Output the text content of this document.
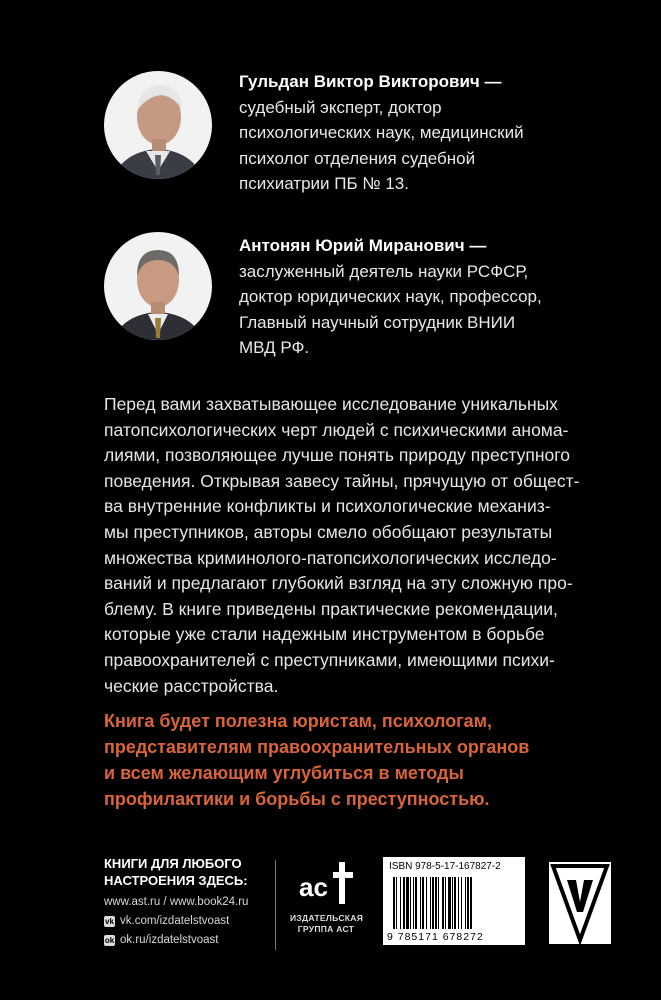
Гульдан Виктор Викторович —
судебный эксперт, доктор
психологических наук, медицинский
психолог отделения судебной
психиатрии ПБ № 13.
Антонян Юрий Миранович —
заслуженный деятель науки РСФСР,
доктор юридических наук, профессор,
Главный научный сотрудник ВНИИ
МВД РФ.
Перед вами захватывающее исследование уникальных
патопсихологических черт людей с психическими анома-
лиями, позволяющее лучше понять природу преступного
поведения. Открывая завесу тайны, прячущую от общест-
ва внутренние конфликты и психологические механиз-
мы преступников, авторы смело обобщают результаты
множества криминолого-патопсихологических исследо-
ваний и предлагают глубокий взгляд на эту сложную про-
блему. В книге приведены практические рекомендации,
которые уже стали надежным инструментом в борьбе
правоохранителей с преступниками, имеющими психи-
ческие расстройства.
Книга будет полезна юристам, психологам,
представителям правоохранительных органов
и всем желающим углубиться в методы
профилактики и борьбы с преступностью.
КНИГИ ДЛЯ ЛЮБОГО
НАСТРОЕНИЯ ЗДЕСЬ:
www.ast.ru / www.book24.ru
vk vk.com/izdatelstvoast
ok ok.ru/izdatelstvoast
ас
ИЗДАТЕЛЬСКАЯ
ГРУППА АСТ
ISBN 978-5-17-167827-2
9 785171 678272
